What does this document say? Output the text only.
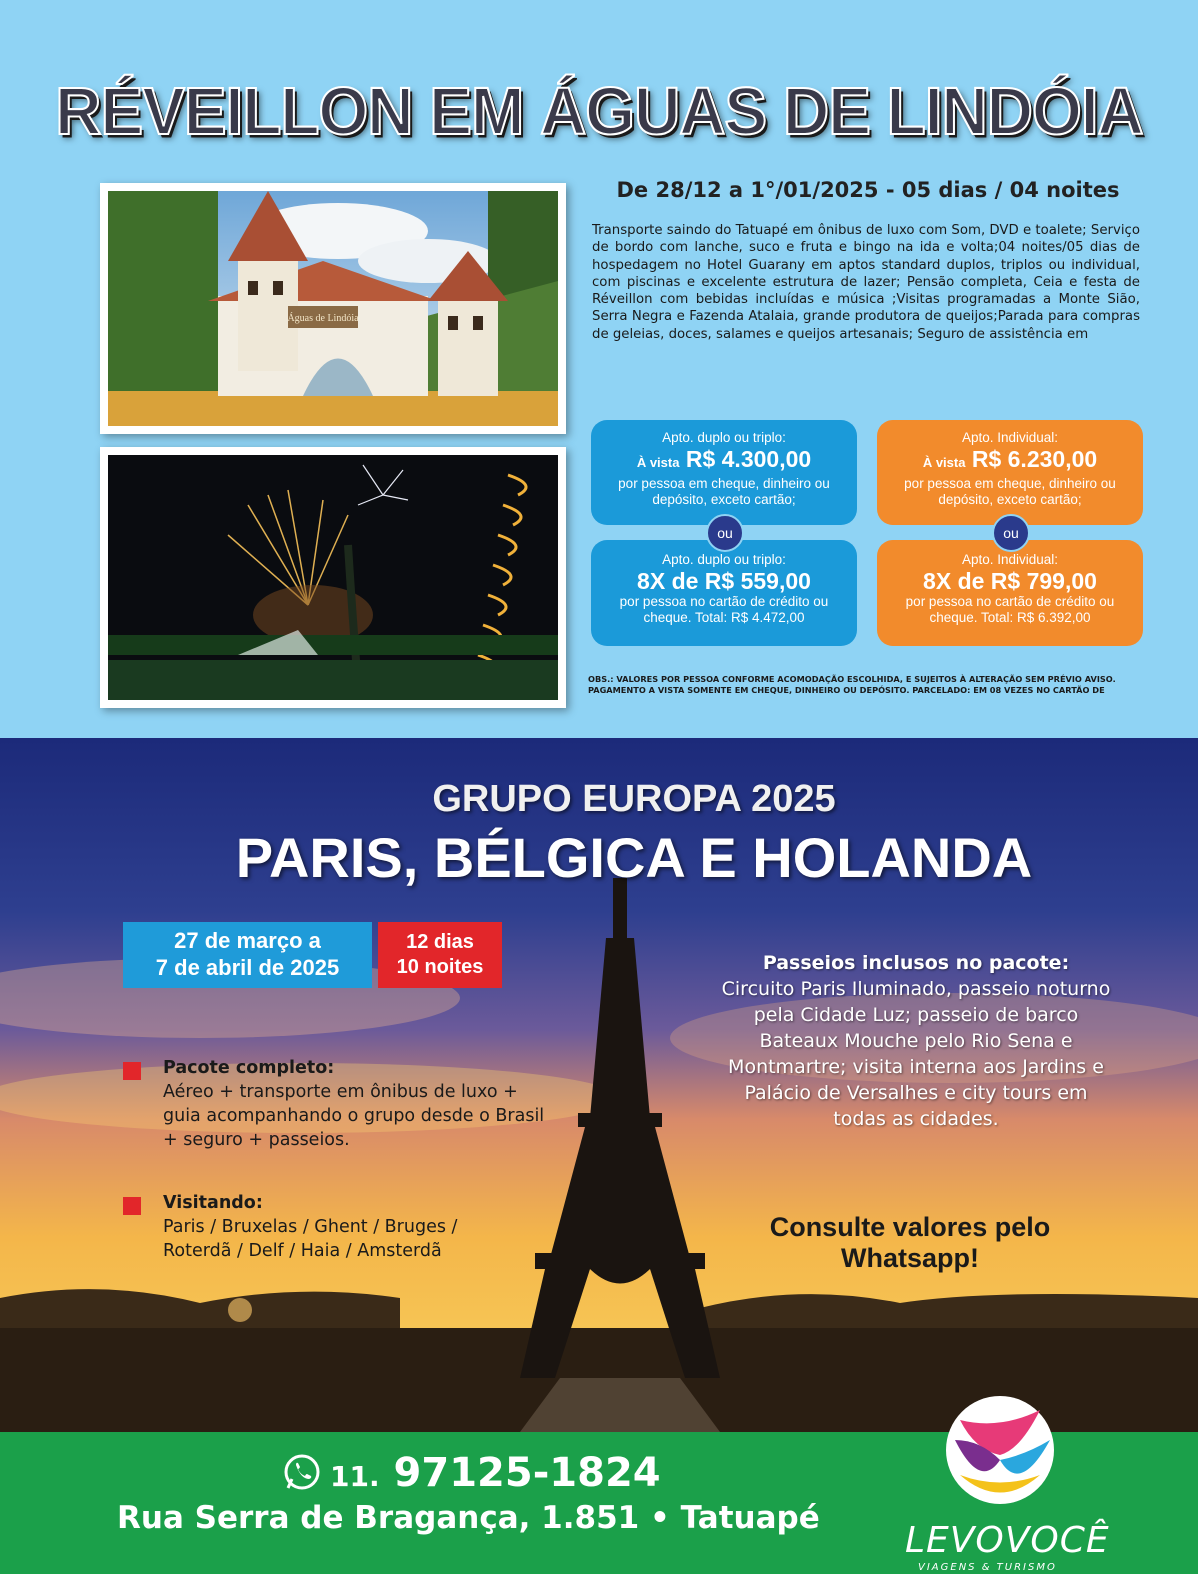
RÉVEILLON EM ÁGUAS DE LINDÓIA
Águas de Lindóia
De 28/12 a 1°/01/2025 - 05 dias / 04 noites
Transporte saindo do Tatuapé em ônibus de luxo com Som, DVD e toalete; Serviço de bordo com lanche, suco e fruta e bingo na ida e volta;04 noites/05 dias de hospedagem no Hotel Guarany em aptos standard duplos, triplos ou individual, com piscinas e excelente estrutura de lazer; Pensão completa, Ceia e festa de Réveillon com bebidas incluídas e música ;Visitas programadas a Monte Sião, Serra Negra e Fazenda Atalaia, grande produtora de queijos;Parada para compras de geleias, doces, salames e queijos artesanais; Seguro de assistência em
Apto. duplo ou triplo:
À vista R$ 4.300,00
por pessoa em cheque, dinheiro ou depósito, exceto cartão;
Apto. Individual:
À vista R$ 6.230,00
por pessoa em cheque, dinheiro ou depósito, exceto cartão;
Apto. duplo ou triplo:
8X de R$ 559,00
por pessoa no cartão de crédito ou cheque. Total: R$ 4.472,00
Apto. Individual:
8X de R$ 799,00
por pessoa no cartão de crédito ou cheque. Total: R$ 6.392,00
ou	ou
OBS.: VALORES POR PESSOA CONFORME ACOMODAÇÃO ESCOLHIDA, E SUJEITOS À ALTERAÇÃO SEM PRÉVIO AVISO.
PAGAMENTO A VISTA SOMENTE EM CHEQUE, DINHEIRO OU DEPÓSITO. PARCELADO: EM 08 VEZES NO CARTÃO DE
GRUPO EUROPA 2025
PARIS, BÉLGICA E HOLANDA
27 de março a
7 de abril de 2025
12 dias
10 noites
Pacote completo:
Aéreo + transporte em ônibus de luxo + guia acompanhando o grupo desde o Brasil + seguro + passeios.
Visitando:
Paris / Bruxelas / Ghent / Bruges / Roterdã / Delf / Haia / Amsterdã
Passeios inclusos no pacote:
Circuito Paris Iluminado, passeio noturno pela Cidade Luz; passeio de barco Bateaux Mouche pelo Rio Sena e Montmartre; visita interna aos Jardins e Palácio de Versalhes e city tours em todas as cidades.
Consulte valores pelo Whatsapp!
11. 97125-1824
Rua Serra de Bragança, 1.851 • Tatuapé
LEVOVOCÊ
VIAGENS & TURISMO
